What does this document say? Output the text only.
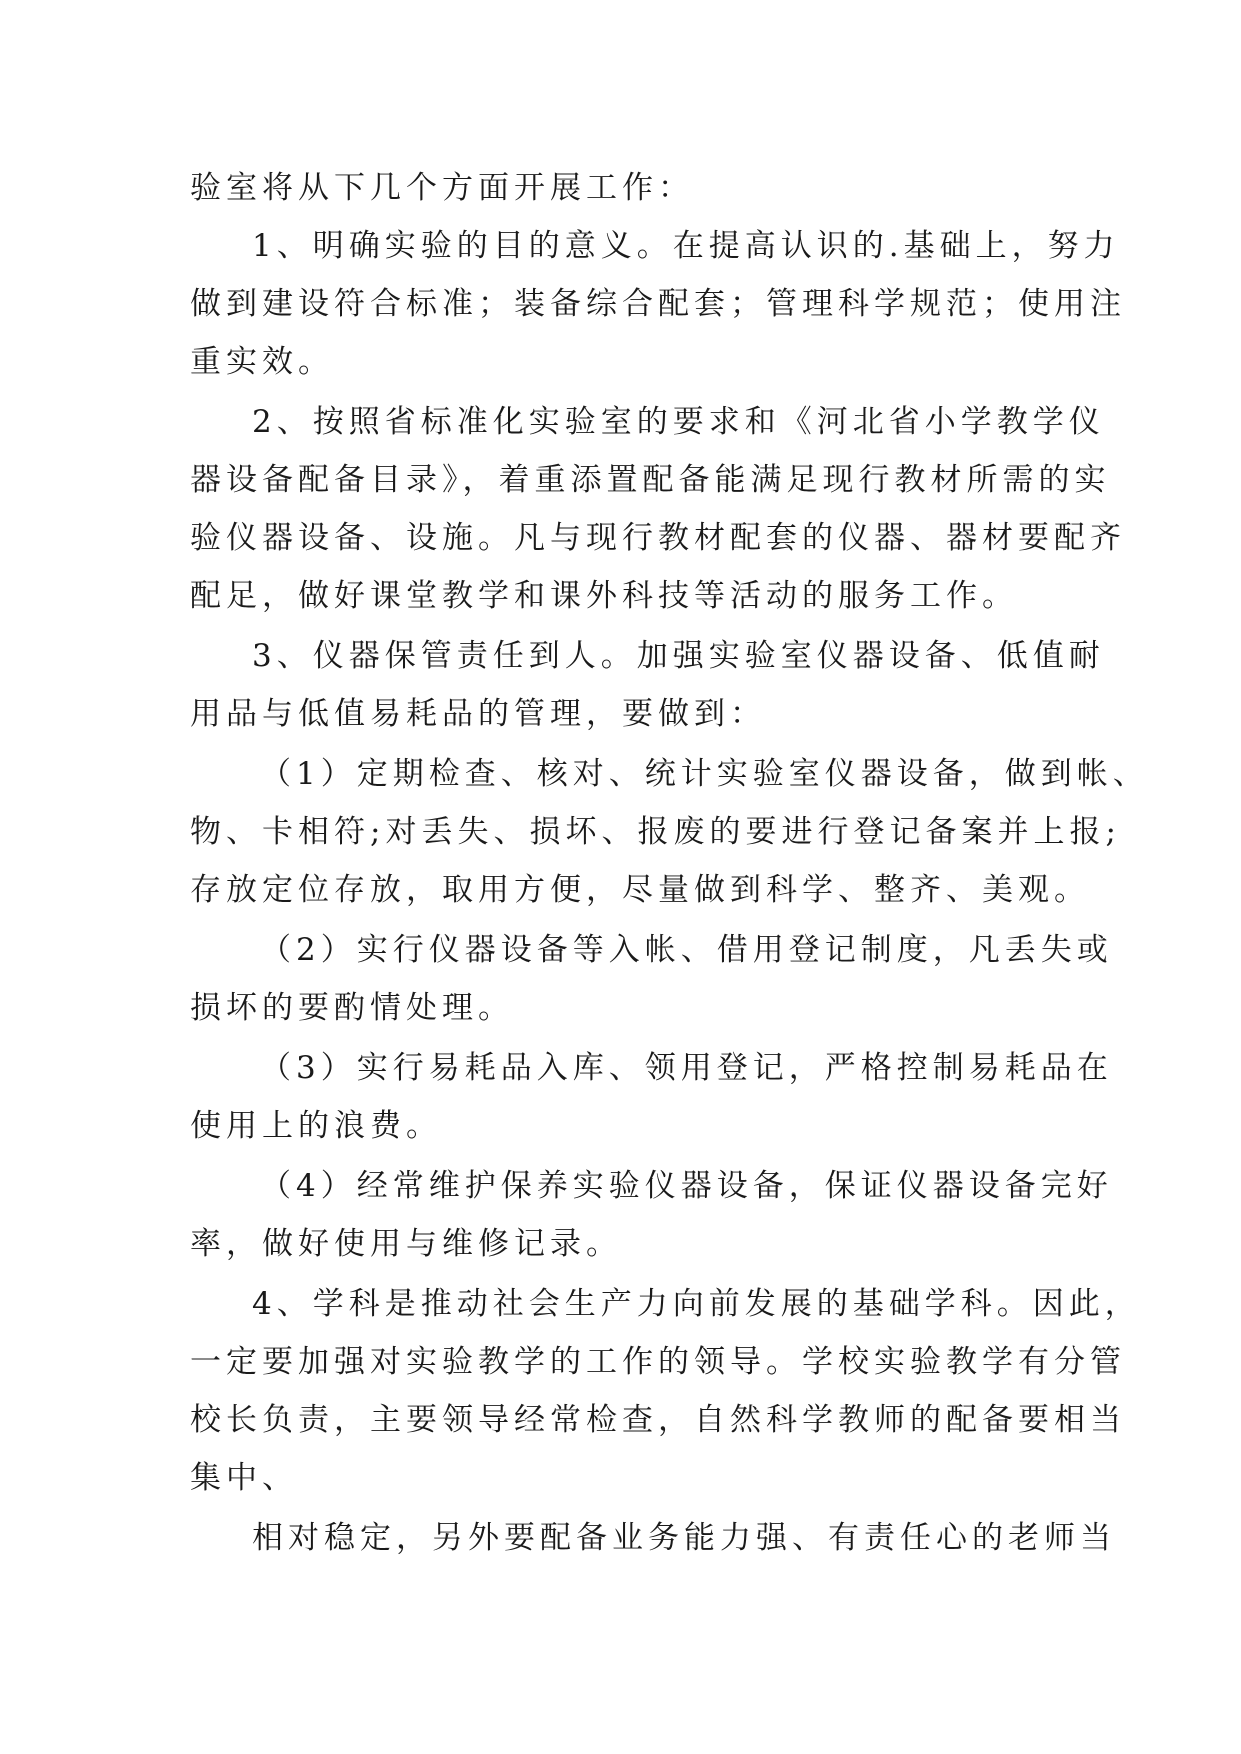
验室将从下几个方面开展工作：

1、明确实验的目的意义。在提高认识的.基础上，努力

做到建设符合标准；装备综合配套；管理科学规范；使用注

重实效。

2、按照省标准化实验室的要求和《河北省小学教学仪

器设备配备目录》，着重添置配备能满足现行教材所需的实

验仪器设备、设施。凡与现行教材配套的仪器、器材要配齐

配足，做好课堂教学和课外科技等活动的服务工作。

3、仪器保管责任到人。加强实验室仪器设备、低值耐

用品与低值易耗品的管理，要做到：

（1）定期检查、核对、统计实验室仪器设备，做到帐、

物、卡相符;对丢失、损坏、报废的要进行登记备案并上报;

存放定位存放，取用方便，尽量做到科学、整齐、美观。

（2）实行仪器设备等入帐、借用登记制度，凡丢失或

损坏的要酌情处理。

（3）实行易耗品入库、领用登记，严格控制易耗品在

使用上的浪费。

（4）经常维护保养实验仪器设备，保证仪器设备完好

率，做好使用与维修记录。

4、学科是推动社会生产力向前发展的基础学科。因此，

一定要加强对实验教学的工作的领导。学校实验教学有分管

校长负责，主要领导经常检查，自然科学教师的配备要相当

集中、

相对稳定，另外要配备业务能力强、有责任心的老师当
